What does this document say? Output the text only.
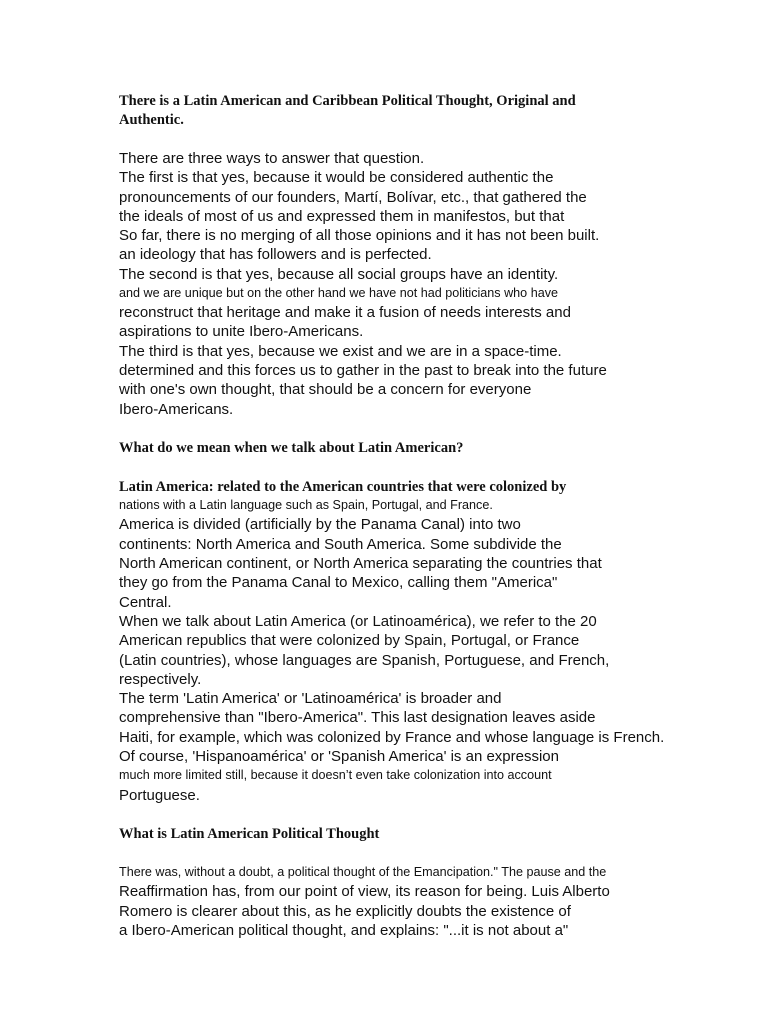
There is a Latin American and Caribbean Political Thought, Original and
Authentic.
There are three ways to answer that question.
The first is that yes, because it would be considered authentic the
pronouncements of our founders, Martí, Bolívar, etc., that gathered the
the ideals of most of us and expressed them in manifestos, but that
So far, there is no merging of all those opinions and it has not been built.
an ideology that has followers and is perfected.
The second is that yes, because all social groups have an identity.
and we are unique but on the other hand we have not had politicians who have
reconstruct that heritage and make it a fusion of needs interests and
aspirations to unite Ibero-Americans.
The third is that yes, because we exist and we are in a space-time.
determined and this forces us to gather in the past to break into the future
with one's own thought, that should be a concern for everyone
Ibero-Americans.
What do we mean when we talk about Latin American?
Latin America: related to the American countries that were colonized by
nations with a Latin language such as Spain, Portugal, and France.
America is divided (artificially by the Panama Canal) into two
continents: North America and South America. Some subdivide the
North American continent, or North America separating the countries that
they go from the Panama Canal to Mexico, calling them "America"
Central.
When we talk about Latin America (or Latinoamérica), we refer to the 20
American republics that were colonized by Spain, Portugal, or France
(Latin countries), whose languages are Spanish, Portuguese, and French,
respectively.
The term 'Latin America' or 'Latinoamérica' is broader and
comprehensive than "Ibero-America". This last designation leaves aside
Haiti, for example, which was colonized by France and whose language is French.
Of course, 'Hispanoamérica' or 'Spanish America' is an expression
much more limited still, because it doesn’t even take colonization into account
Portuguese.
What is Latin American Political Thought
There was, without a doubt, a political thought of the Emancipation." The pause and the
Reaffirmation has, from our point of view, its reason for being. Luis Alberto
Romero is clearer about this, as he explicitly doubts the existence of
a Ibero-American political thought, and explains: "...it is not about a"
